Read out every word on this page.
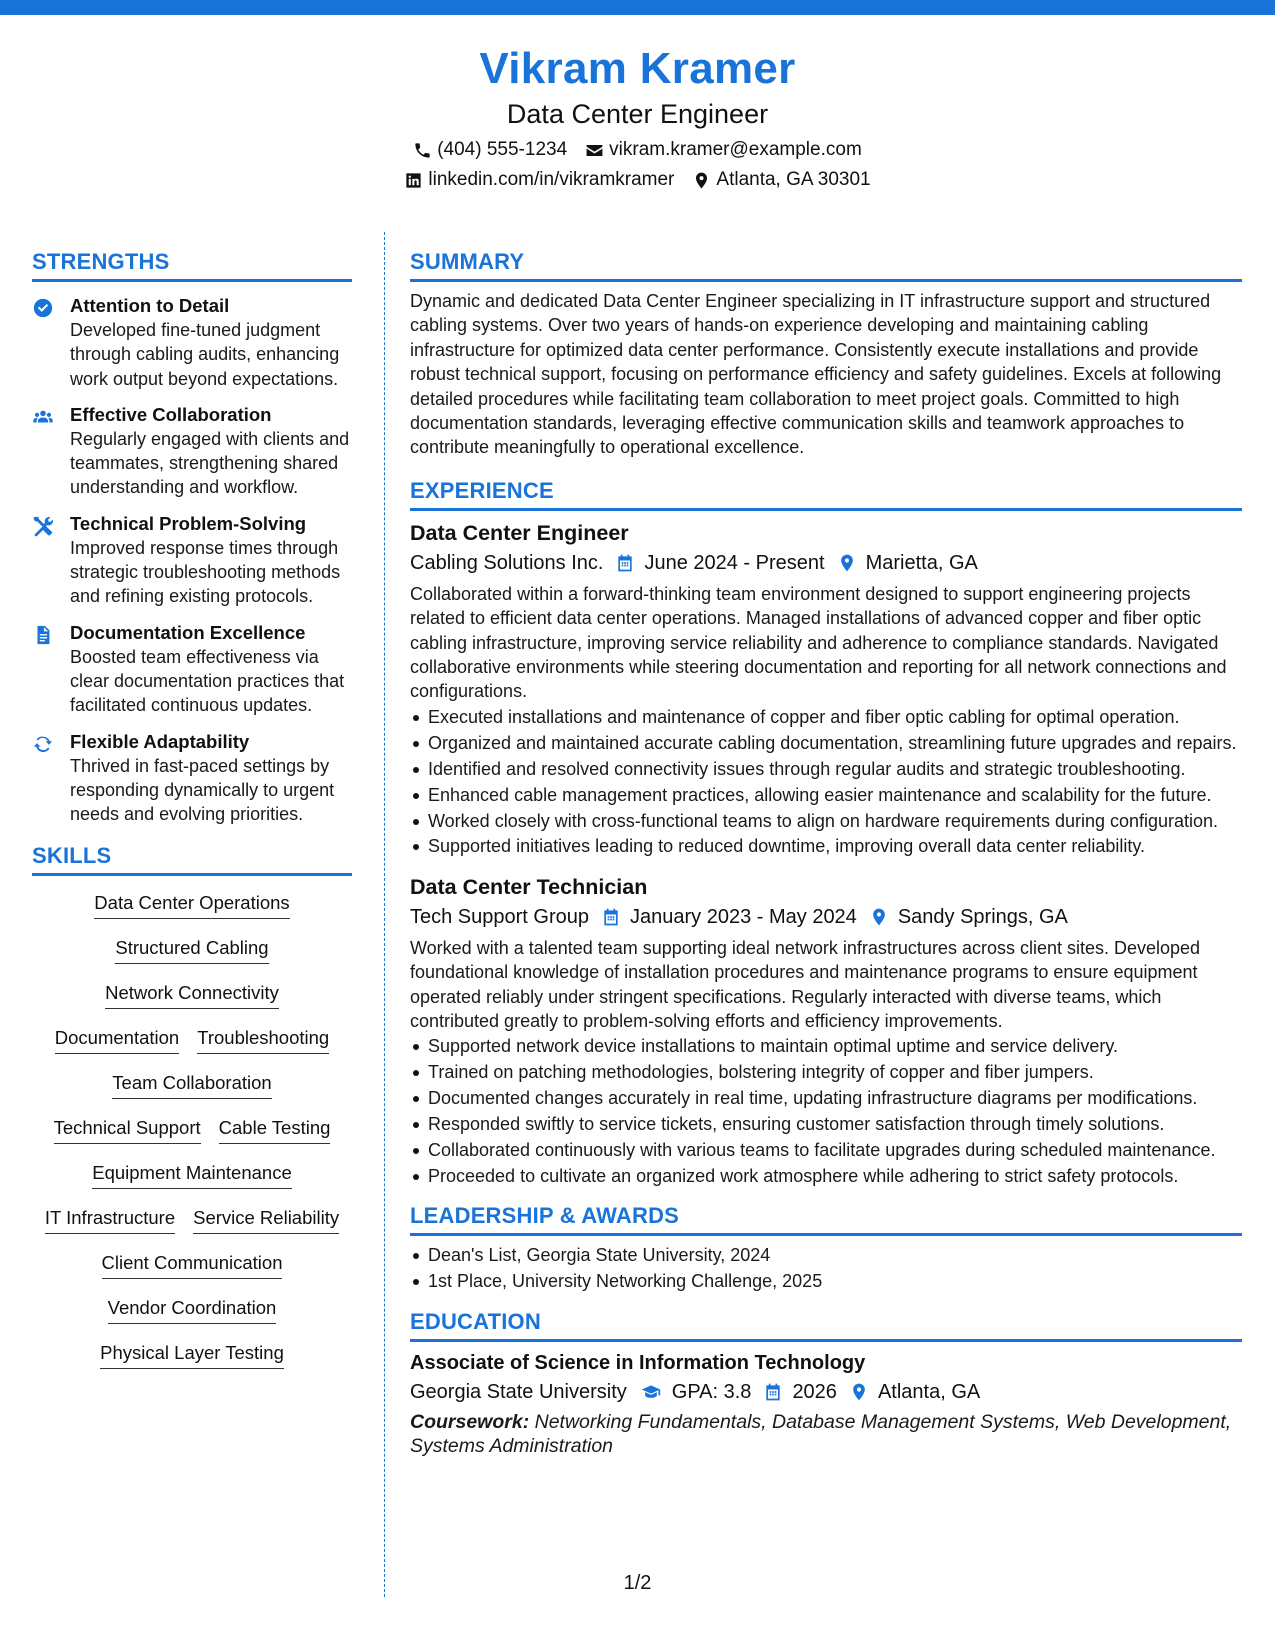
Vikram Kramer
Data Center Engineer
(404) 555-1234 vikram.kramer@example.com
linkedin.com/in/vikramkramer Atlanta, GA 30301
STRENGTHS
Attention to Detail
Developed fine-tuned judgment through cabling audits, enhancing work output beyond expectations.
Effective Collaboration
Regularly engaged with clients and teammates, strengthening shared understanding and workflow.
Technical Problem-Solving
Improved response times through strategic troubleshooting methods and refining existing protocols.
Documentation Excellence
Boosted team effectiveness via clear documentation practices that facilitated continuous updates.
Flexible Adaptability
Thrived in fast-paced settings by responding dynamically to urgent needs and evolving priorities.
SKILLS
Data Center Operations
Structured Cabling
Network Connectivity
Documentation Troubleshooting
Team Collaboration
Technical Support Cable Testing
Equipment Maintenance
IT Infrastructure Service Reliability
Client Communication
Vendor Coordination
Physical Layer Testing
SUMMARY
Dynamic and dedicated Data Center Engineer specializing in IT infrastructure support and structured cabling systems. Over two years of hands-on experience developing and maintaining cabling infrastructure for optimized data center performance. Consistently execute installations and provide robust technical support, focusing on performance efficiency and safety guidelines. Excels at following detailed procedures while facilitating team collaboration to meet project goals. Committed to high documentation standards, leveraging effective communication skills and teamwork approaches to contribute meaningfully to operational excellence.
EXPERIENCE
Data Center Engineer
Cabling Solutions Inc. June 2024 - Present Marietta, GA
Collaborated within a forward-thinking team environment designed to support engineering projects related to efficient data center operations. Managed installations of advanced copper and fiber optic cabling infrastructure, improving service reliability and adherence to compliance standards. Navigated collaborative environments while steering documentation and reporting for all network connections and configurations.
Executed installations and maintenance of copper and fiber optic cabling for optimal operation.
Organized and maintained accurate cabling documentation, streamlining future upgrades and repairs.
Identified and resolved connectivity issues through regular audits and strategic troubleshooting.
Enhanced cable management practices, allowing easier maintenance and scalability for the future.
Worked closely with cross-functional teams to align on hardware requirements during configuration.
Supported initiatives leading to reduced downtime, improving overall data center reliability.
Data Center Technician
Tech Support Group January 2023 - May 2024 Sandy Springs, GA
Worked with a talented team supporting ideal network infrastructures across client sites. Developed foundational knowledge of installation procedures and maintenance programs to ensure equipment operated reliably under stringent specifications. Regularly interacted with diverse teams, which contributed greatly to problem-solving efforts and efficiency improvements.
Supported network device installations to maintain optimal uptime and service delivery.
Trained on patching methodologies, bolstering integrity of copper and fiber jumpers.
Documented changes accurately in real time, updating infrastructure diagrams per modifications.
Responded swiftly to service tickets, ensuring customer satisfaction through timely solutions.
Collaborated continuously with various teams to facilitate upgrades during scheduled maintenance.
Proceeded to cultivate an organized work atmosphere while adhering to strict safety protocols.
LEADERSHIP & AWARDS
Dean's List, Georgia State University, 2024
1st Place, University Networking Challenge, 2025
EDUCATION
Associate of Science in Information Technology
Georgia State University GPA: 3.8 2026 Atlanta, GA
Coursework: Networking Fundamentals, Database Management Systems, Web Development, Systems Administration
1/2
